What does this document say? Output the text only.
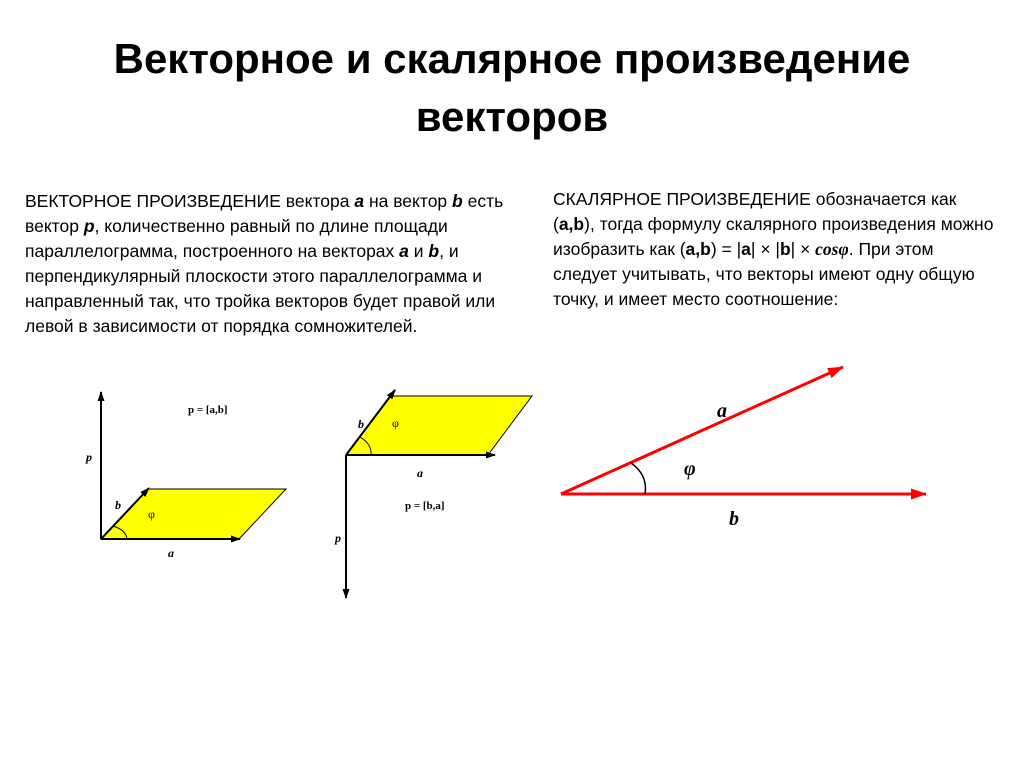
Векторное и скалярное произведение
векторов
ВЕКТОРНОЕ ПРОИЗВЕДЕНИЕ вектора a на вектор b есть вектор p, количественно равный по длине площади параллелограмма, построенного на векторах a и b, и перпендикулярный плоскости этого параллелограмма и направленный так, что тройка векторов будет правой или левой в зависимости от порядка сомножителей.
СКАЛЯРНОЕ ПРОИЗВЕДЕНИЕ обозначается как (a,b), тогда формулу скалярного произведения можно изобразить как (a,b) = |a| × |b| × cosφ. При этом следует учитывать, что векторы имеют одну общую точку, и имеет место соотношение:
p = [a,b]
p
b
φ
a
b φ
a
p = [b,a]
p
a
φ
b
